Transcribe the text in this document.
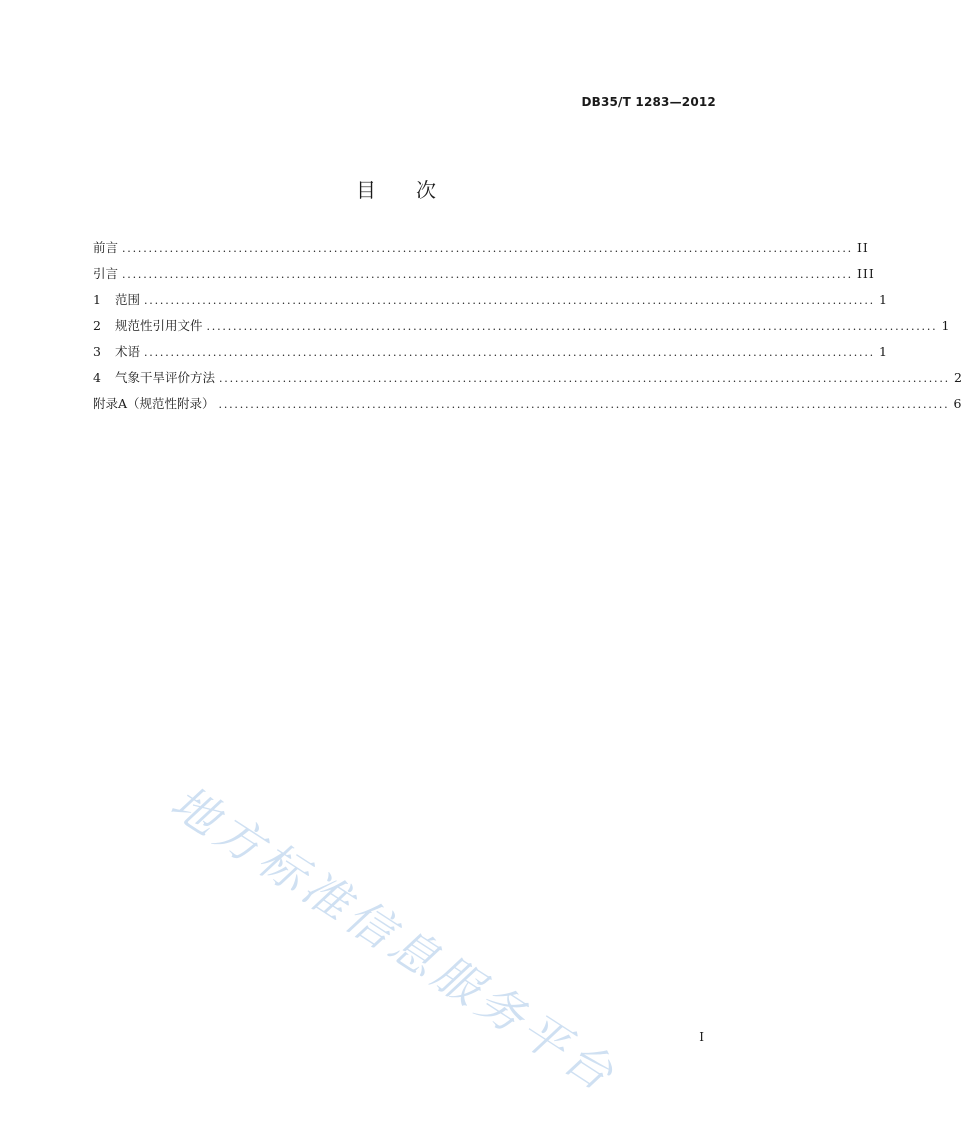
DB35/T 1283—2012
目次
前言 .......................................................................................................................................... II
引言 .......................................................................................................................................... III
1 范围 .......................................................................................................................................... 1
2 规范性引用文件 .......................................................................................................................................... 1
3 术语 .......................................................................................................................................... 1
4 气象干旱评价方法 .......................................................................................................................................... 2
附录A（规范性附录） .......................................................................................................................................... 6
地方标准信息服务平台	I
